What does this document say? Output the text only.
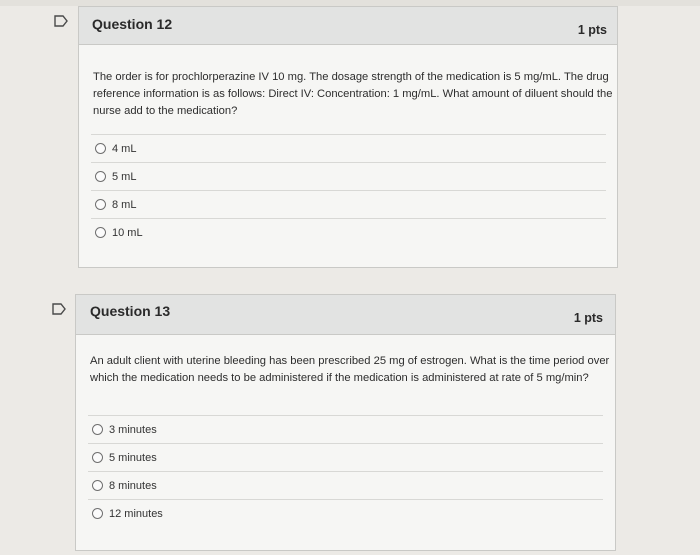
Question 12	1 pts
The order is for prochlorperazine IV 10 mg. The dosage strength of the medication is 5 mg/mL. The drug reference information is as follows: Direct IV: Concentration: 1 mg/mL. What amount of diluent should the nurse add to the medication?
4 mL
5 mL
8 mL
10 mL
Question 13	1 pts
An adult client with uterine bleeding has been prescribed 25 mg of estrogen. What is the time period over which the medication needs to be administered if the medication is administered at rate of 5 mg/min?
3 minutes
5 minutes
8 minutes
12 minutes
